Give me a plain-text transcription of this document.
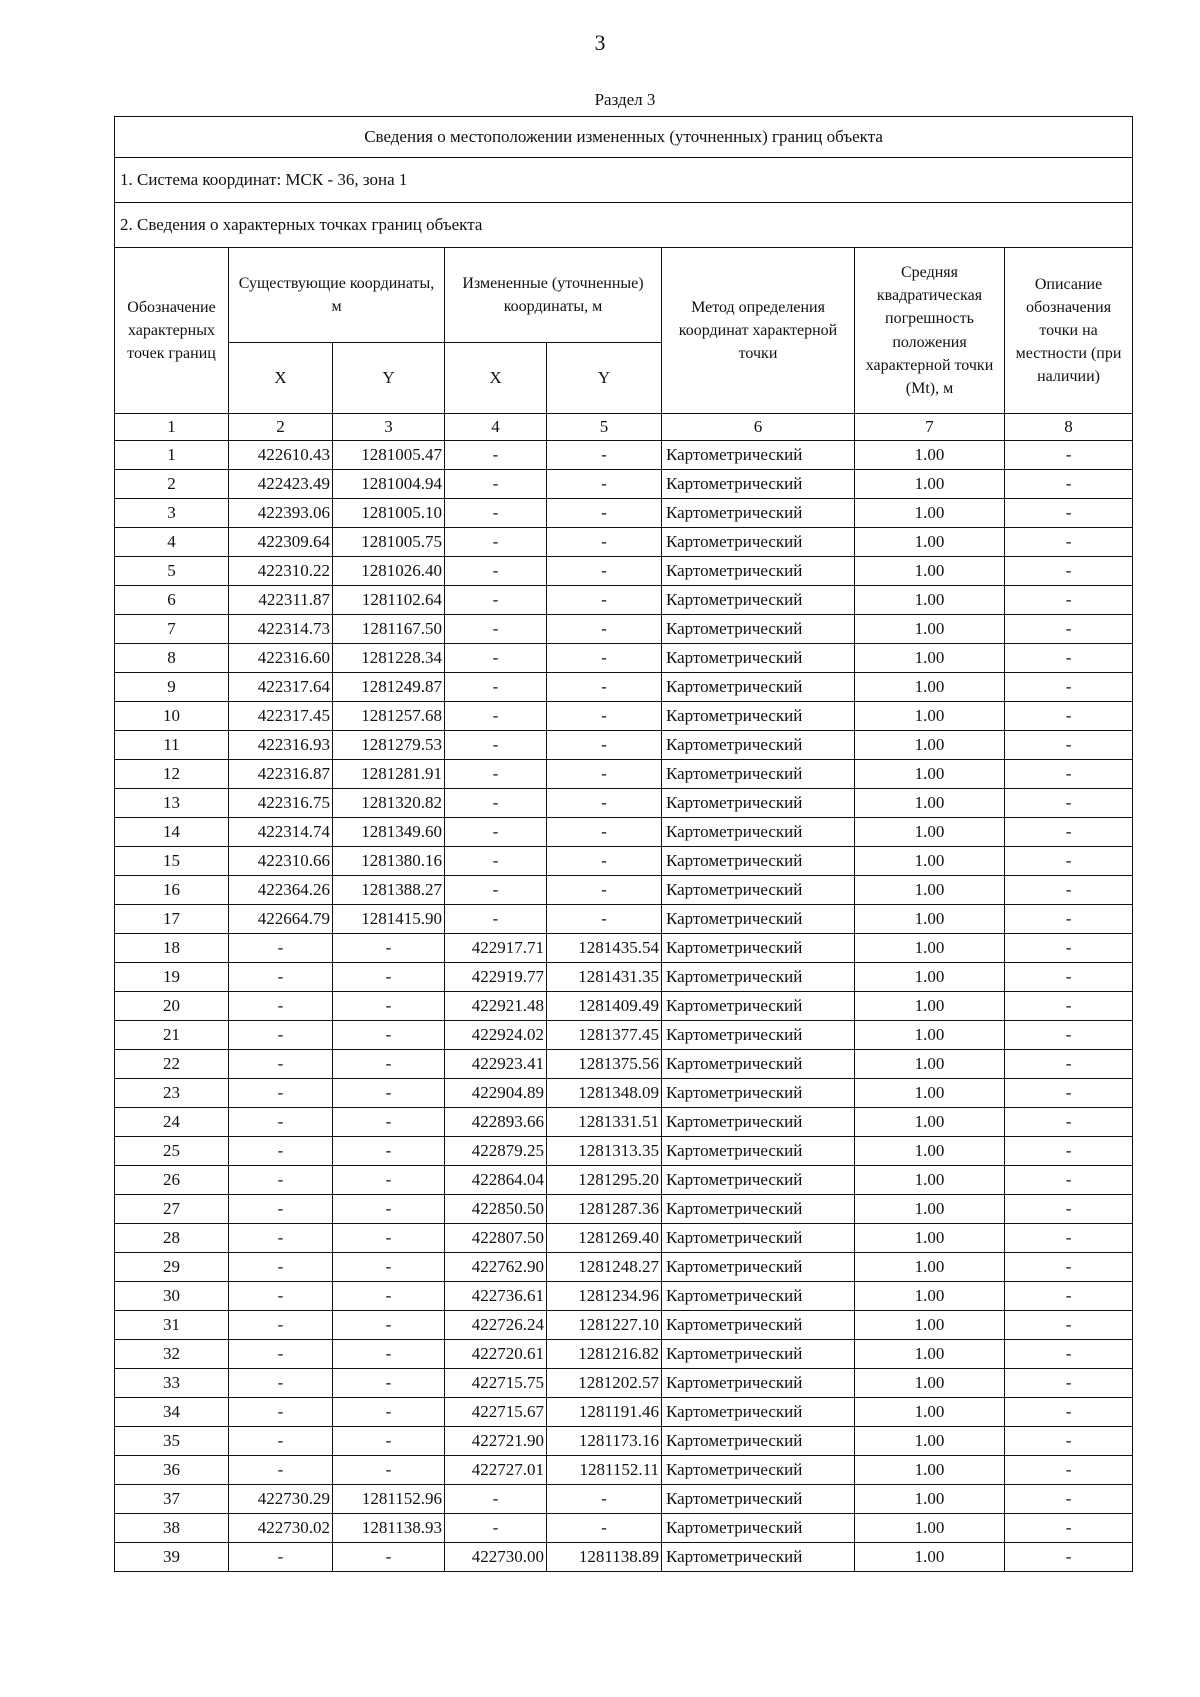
3
Раздел 3
Сведения о местоположении измененных (уточненных) границ объекта							
1. Система координат: МСК - 36, зона 1							
2. Сведения о характерных точках границ объекта							
Обозначение характерных точек границ	Существующие координаты, м		Измененные (уточненные) координаты, м		Метод определения координат характерной точки	Средняя квадратическая погрешность положения характерной точки (Mt), м	Описание обозначения точки на местности (при наличии)
	X	Y	X	Y			
1	2	3	4	5	6	7	8
1	422610.43	1281005.47	-	-	Картометрический	1.00	-
2	422423.49	1281004.94	-	-	Картометрический	1.00	-
3	422393.06	1281005.10	-	-	Картометрический	1.00	-
4	422309.64	1281005.75	-	-	Картометрический	1.00	-
5	422310.22	1281026.40	-	-	Картометрический	1.00	-
6	422311.87	1281102.64	-	-	Картометрический	1.00	-
7	422314.73	1281167.50	-	-	Картометрический	1.00	-
8	422316.60	1281228.34	-	-	Картометрический	1.00	-
9	422317.64	1281249.87	-	-	Картометрический	1.00	-
10	422317.45	1281257.68	-	-	Картометрический	1.00	-
11	422316.93	1281279.53	-	-	Картометрический	1.00	-
12	422316.87	1281281.91	-	-	Картометрический	1.00	-
13	422316.75	1281320.82	-	-	Картометрический	1.00	-
14	422314.74	1281349.60	-	-	Картометрический	1.00	-
15	422310.66	1281380.16	-	-	Картометрический	1.00	-
16	422364.26	1281388.27	-	-	Картометрический	1.00	-
17	422664.79	1281415.90	-	-	Картометрический	1.00	-
18	-	-	422917.71	1281435.54	Картометрический	1.00	-
19	-	-	422919.77	1281431.35	Картометрический	1.00	-
20	-	-	422921.48	1281409.49	Картометрический	1.00	-
21	-	-	422924.02	1281377.45	Картометрический	1.00	-
22	-	-	422923.41	1281375.56	Картометрический	1.00	-
23	-	-	422904.89	1281348.09	Картометрический	1.00	-
24	-	-	422893.66	1281331.51	Картометрический	1.00	-
25	-	-	422879.25	1281313.35	Картометрический	1.00	-
26	-	-	422864.04	1281295.20	Картометрический	1.00	-
27	-	-	422850.50	1281287.36	Картометрический	1.00	-
28	-	-	422807.50	1281269.40	Картометрический	1.00	-
29	-	-	422762.90	1281248.27	Картометрический	1.00	-
30	-	-	422736.61	1281234.96	Картометрический	1.00	-
31	-	-	422726.24	1281227.10	Картометрический	1.00	-
32	-	-	422720.61	1281216.82	Картометрический	1.00	-
33	-	-	422715.75	1281202.57	Картометрический	1.00	-
34	-	-	422715.67	1281191.46	Картометрический	1.00	-
35	-	-	422721.90	1281173.16	Картометрический	1.00	-
36	-	-	422727.01	1281152.11	Картометрический	1.00	-
37	422730.29	1281152.96	-	-	Картометрический	1.00	-
38	422730.02	1281138.93	-	-	Картометрический	1.00	-
39	-	-	422730.00	1281138.89	Картометрический	1.00	-
